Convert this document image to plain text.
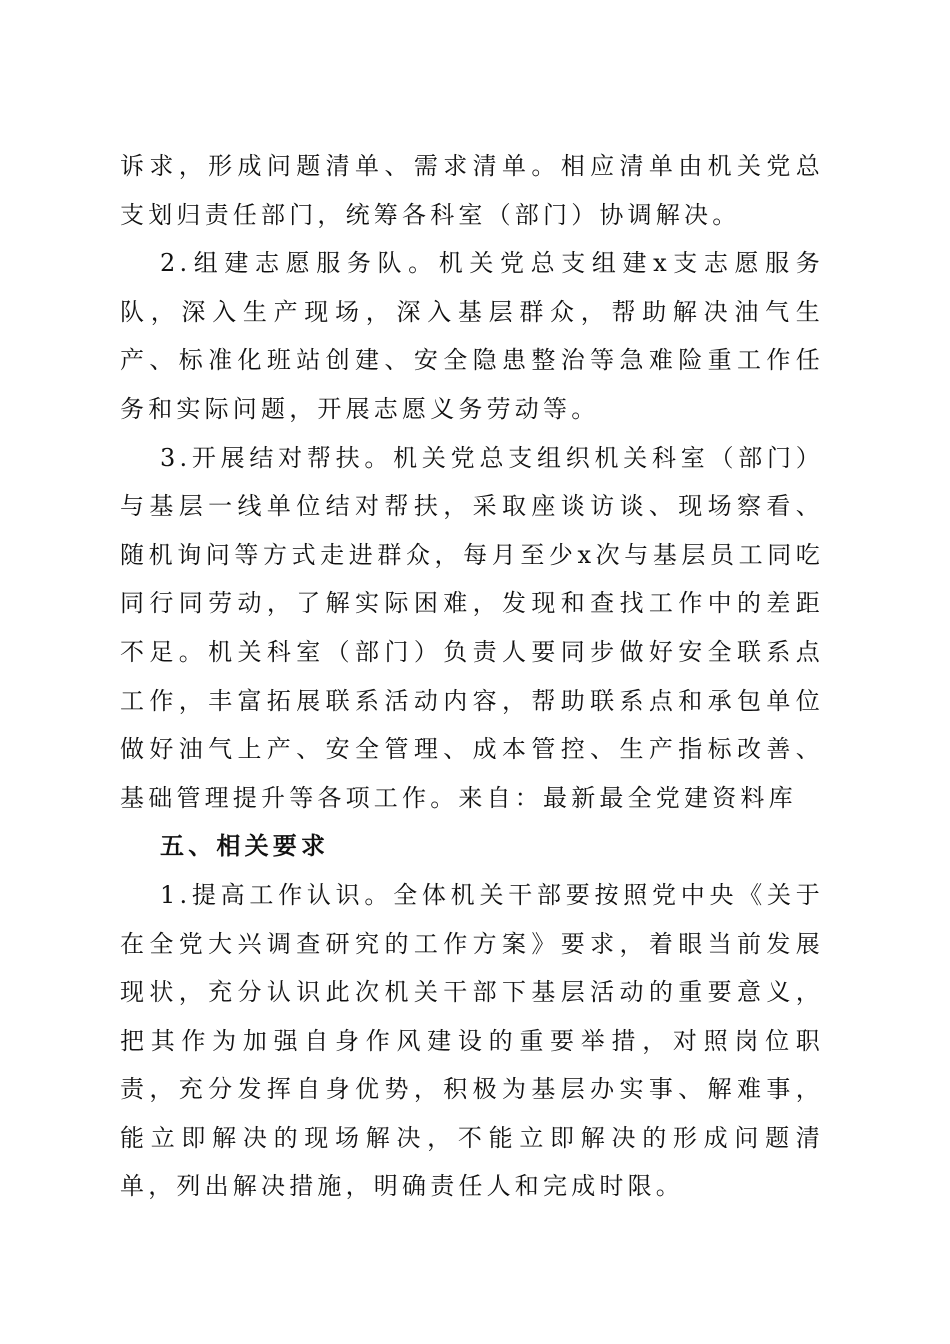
诉求，形成问题清单、需求清单。相应清单由机关党总支划归责任部门，统筹各科室（部门）协调解决。

2.组建志愿服务队。机关党总支组建x支志愿服务队，深入生产现场，深入基层群众，帮助解决油气生产、标准化班站创建、安全隐患整治等急难险重工作任务和实际问题，开展志愿义务劳动等。

3.开展结对帮扶。机关党总支组织机关科室（部门）与基层一线单位结对帮扶，采取座谈访谈、现场察看、随机询问等方式走进群众，每月至少x次与基层员工同吃同行同劳动，了解实际困难，发现和查找工作中的差距不足。机关科室（部门）负责人要同步做好安全联系点工作，丰富拓展联系活动内容，帮助联系点和承包单位做好油气上产、安全管理、成本管控、生产指标改善、基础管理提升等各项工作。来自：最新最全党建资料库

五、相关要求

1.提高工作认识。全体机关干部要按照党中央《关于在全党大兴调查研究的工作方案》要求，着眼当前发展现状，充分认识此次机关干部下基层活动的重要意义，把其作为加强自身作风建设的重要举措，对照岗位职责，充分发挥自身优势，积极为基层办实事、解难事，能立即解决的现场解决，不能立即解决的形成问题清单，列出解决措施，明确责任人和完成时限。
